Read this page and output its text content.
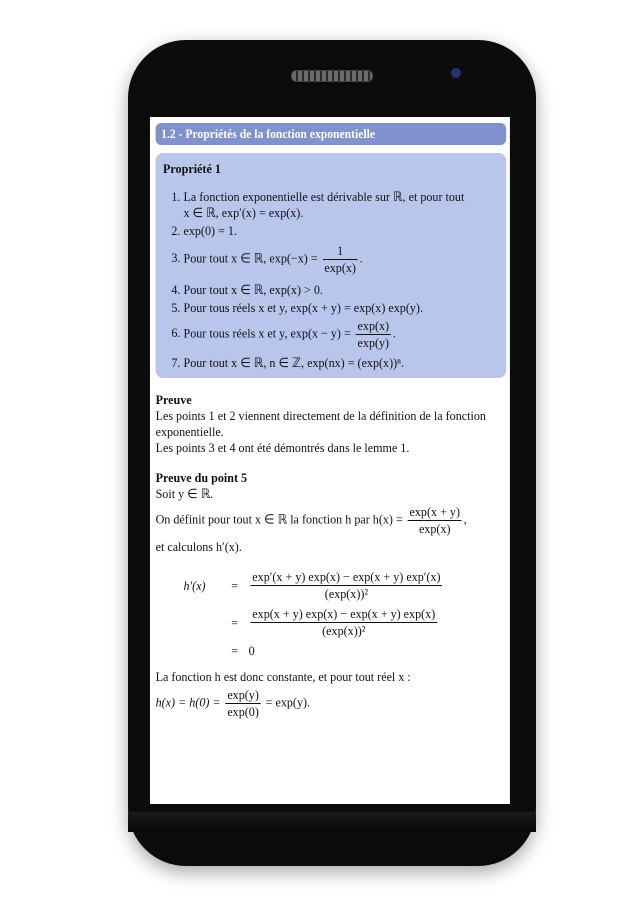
1.2 - Propriétés de la fonction exponentielle
Propriété 1
1. La fonction exponentielle est dérivable sur ℝ, et pour tout
x ∈ ℝ, exp′(x) = exp(x).
2. exp(0) = 1.
3. Pour tout x ∈ ℝ, $\exp(-x) = \frac{1}{\exp(x)}$ .
4. Pour tout x ∈ ℝ, exp(x) > 0.
5. Pour tous réels x et y, exp(x + y) = exp(x) exp(y).
6. Pour tous réels x et y, $\exp(x - y) = \frac{\exp(x)}{\exp(y)}$ .
7. Pour tout x ∈ ℝ, n ∈ ℤ, exp(nx) = (exp(x))ⁿ.
Preuve
Les points 1 et 2 viennent directement de la définition de la fonction
exponentielle.
Les points 3 et 4 ont été démontrés dans le lemme 1.
Preuve du point 5
Soit y ∈ ℝ.
On définit pour tout x ∈ ℝ la fonction h par $h(x) = \frac{\exp(x + y)}{\exp(x)}$ ,
et calculons h′(x).
h′(x)	= $\frac{\exp'(x + y) \exp(x) - \exp(x + y) \exp'(x)}{\text{(exp(x))²}}$
= $\frac{\exp(x + y) \exp(x) - \exp(x + y) \exp(x)}{\text{(exp(x))²}}$
= 0
La fonction h est donc constante, et pour tout réel x :
$h(x) = h(0) = \frac{\exp(y)}{\exp(0)} = \exp(y)$.
